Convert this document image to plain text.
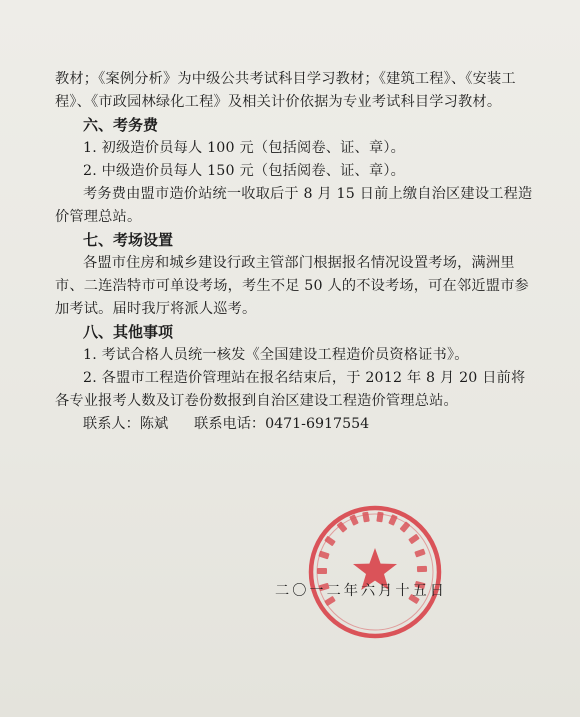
教材；《案例分析》为中级公共考试科目学习教材；《建筑工程》、《安装工程》、《市政园林绿化工程》及相关计价依据为专业考试科目学习教材。

六、考务费

1. 初级造价员每人 100 元（包括阅卷、证、章）。

2. 中级造价员每人 150 元（包括阅卷、证、章）。

考务费由盟市造价站统一收取后于 8 月 15 日前上缴自治区建设工程造价管理总站。

七、考场设置

各盟市住房和城乡建设行政主管部门根据报名情况设置考场，满洲里市、二连浩特市可单设考场，考生不足 50 人的不设考场，可在邻近盟市参加考试。届时我厅将派人巡考。

八、其他事项

1. 考试合格人员统一核发《全国建设工程造价员资格证书》。

2. 各盟市工程造价管理站在报名结束后，于 2012 年 8 月 20 日前将各专业报考人数及订卷份数报到自治区建设工程造价管理总站。

联系人：陈斌 联系电话：0471-6917554

二〇一二年六月十五日
